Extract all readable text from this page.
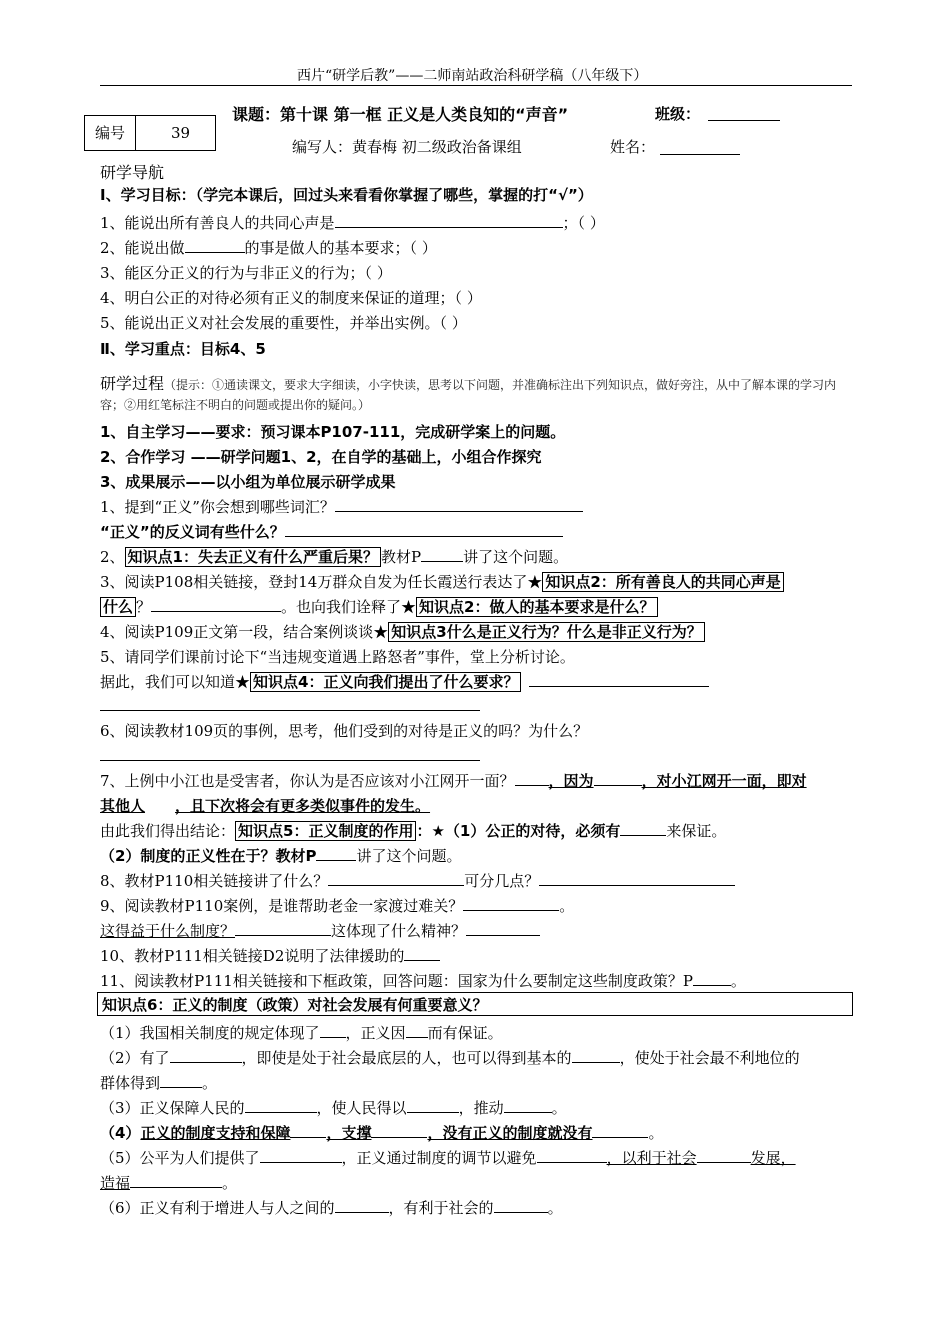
西片“研学后教”——二师南站政治科研学稿（八年级下）
编号	39
课题：第十课 第一框 正义是人类良知的“声音”	班级：
编写人：黄春梅 初二级政治备课组	姓名：
研学导航
Ⅰ、学习目标：（学完本课后，回过头来看看你掌握了哪些，掌握的打“√”）
1、能说出所有善良人的共同心声是	；（ ）
2、能说出做	的事是做人的基本要求；（ ）
3、能区分正义的行为与非正义的行为；（ ）
4、明白公正的对待必须有正义的制度来保证的道理；（ ）
5、能说出正义对社会发展的重要性，并举出实例。（ ）
Ⅱ、学习重点：目标4、5
研学过程（提示：①通读课文，要求大字细读，小字快读，思考以下问题，并准确标注出下列知识点，做好旁注，从中了解本课的学习内容；②用红笔标注不明白的问题或提出你的疑问。）
1、自主学习——要求：预习课本P107-111，完成研学案上的问题。
2、合作学习 ——研学问题1、2，在自学的基础上，小组合作探究
3、成果展示——以小组为单位展示研学成果
1、提到“正义”你会想到哪些词汇？
“正义”的反义词有些什么？
2、 知识点1：失去正义有什么严重后果？ 教材P	讲了这个问题。
3、阅读P108相关链接，登封14万群众自发为任长霞送行表达了★ 知识点2：所有善良人的共同心声是
什么 ？	。也向我们诠释了★ 知识点2：做人的基本要求是什么？
4、阅读P109正文第一段，结合案例谈谈★ 知识点3什么是正义行为？什么是非正义行为？
5、请同学们课前讨论下“当违规变道遇上路怒者”事件，堂上分析讨论。
据此，我们可以知道★ 知识点4：正义向我们提出了什么要求？
6、阅读教材109页的事例，思考，他们受到的对待是正义的吗？为什么？
7、上例中小江也是受害者，你认为是否应该对小江网开一面？ ，因为	，对小江网开一面，即对
其他人 ，且下次将会有更多类似事件的发生。
由此我们得出结论： 知识点5：正义制度的作用 ：★（1）公正的对待，必须有	来保证。
（2）制度的正义性在于？教材P	讲了这个问题。
8、教材P110相关链接讲了什么？	可分几点？
9、阅读教材P110案例，是谁帮助老金一家渡过难关？	。
这得益于什么制度？	这体现了什么精神？
10、教材P111相关链接D2说明了法律援助的
11、阅读教材P111相关链接和下框政策，回答问题：国家为什么要制定这些制度政策？P	。
知识点6：正义的制度（政策）对社会发展有何重要意义？
（1）我国相关制度的规定体现了 ，正义因 而有保证。
（2）有了	，即使是处于社会最底层的人，也可以得到基本的	，使处于社会最不利地位的
群体得到	。
（3）正义保障人民的	，使人民得以	，推动	。
（4）正义的制度支持和保障 ，支撑	，没有正义的制度就没有	。
（5）公平为人们提供了	，正义通过制度的调节以避免	，以利于社会	发展，
造福	。
（6）正义有利于增进人与人之间的	，有利于社会的	。
